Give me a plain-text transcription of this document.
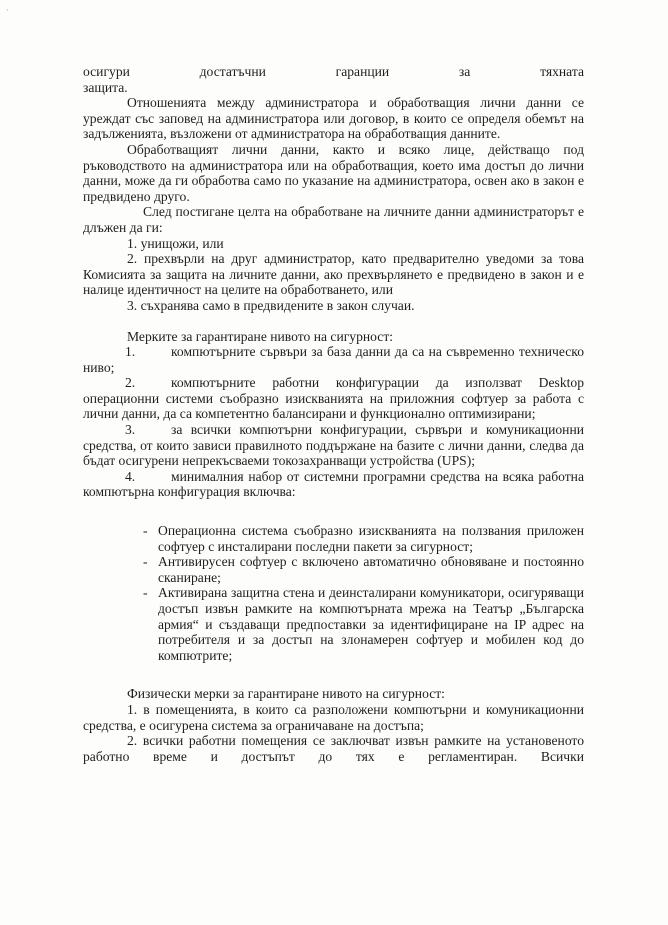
`

осигури достатъчни гаранции за тяхната

защита.

Отношенията между администратора и обработващия лични данни се уреждат със заповед на администратора или договор, в които се определя обемът на задълженията, възложени от администратора на обработващия данните.

Обработващият лични данни, както и всяко лице, действащо под ръководството на администратора или на обработващия, което има достъп до лични данни, може да ги обработва само по указание на администратора, освен ако в закон е предвидено друго.

След постигане целта на обработване на личните данни администраторът е длъжен да ги:

1. унищожи, или

2. прехвърли на друг администратор, като предварително уведоми за това Комисията за защита на личните данни, ако прехвърлянето е предвидено в закон и е налице идентичност на целите на обработването, или

3. съхранява само в предвидените в закон случаи.

Мерките за гарантиране нивото на сигурност:

1.	компютърните сървъри за база данни да са на съвременно техническо ниво;

2.	компютърните работни конфигурации да използват Desktop операционни системи съобразно изискванията на приложния софтуер за работа с лични данни, да са компетентно балансирани и функционално оптимизирани;

3.	за всички компютърни конфигурации, сървъри и комуникационни средства, от които зависи правилното поддържане на базите с лични данни, следва да бъдат осигурени непрекъсваеми токозахранващи устройства (UPS);

4.	минималния набор от системни програмни средства на всяка работна компютърна конфигурация включва:

- Операционна система съобразно изискванията на ползвания приложен софтуер с инсталирани последни пакети за сигурност;
- Антивирусен софтуер с включено автоматично обновяване и постоянно сканиране;
- Активирана защитна стена и деинсталирани комуникатори, осигуряващи достъп извън рамките на компютърната мрежа на Театър „Българска армия“ и създаващи предпоставки за идентифициране на IP адрес на потребителя и за достъп на злонамерен софтуер и мобилен код до компютрите;

Физически мерки за гарантиране нивото на сигурност:

1. в помещенията, в които са разположени компютърни и комуникационни средства, е осигурена система за ограничаване на достъпа;

2. всички работни помещения се заключват извън рамките на установеното работно време и достъпът до тях е регламентиран. Всички
